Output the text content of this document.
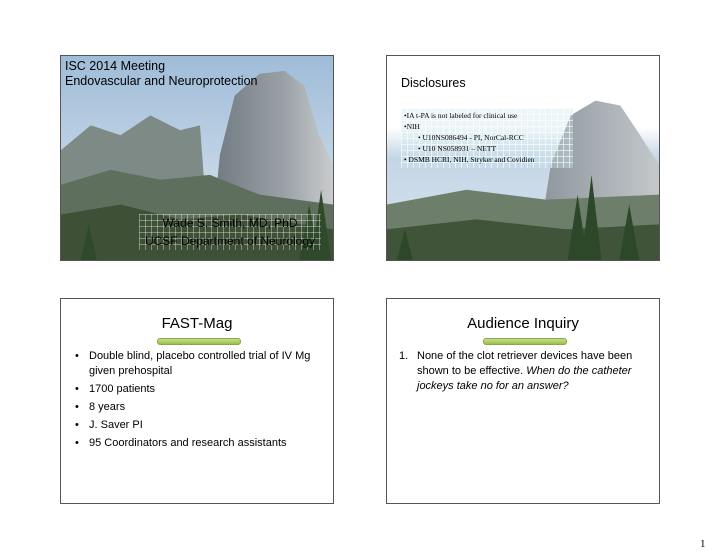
ISC 2014 Meeting
Endovascular and Neuroprotection
Wade S. Smith, MD, PhD
UCSF Department of Neurology
Disclosures
•IA t-PA is not labeled for clinical use
•NIH
• U10NS086494 - PI, NorCal-RCC
• U10 NS058931 – NETT
• DSMB HCRI, NIH, Stryker and Covidien
FAST-Mag
• Double blind, placebo controlled trial of IV Mg given prehospital
• 1700 patients
• 8 years
• J. Saver PI
• 95 Coordinators and research assistants
Audience Inquiry
1. None of the clot retriever devices have been shown to be effective. When do the catheter jockeys take no for an answer?
1
